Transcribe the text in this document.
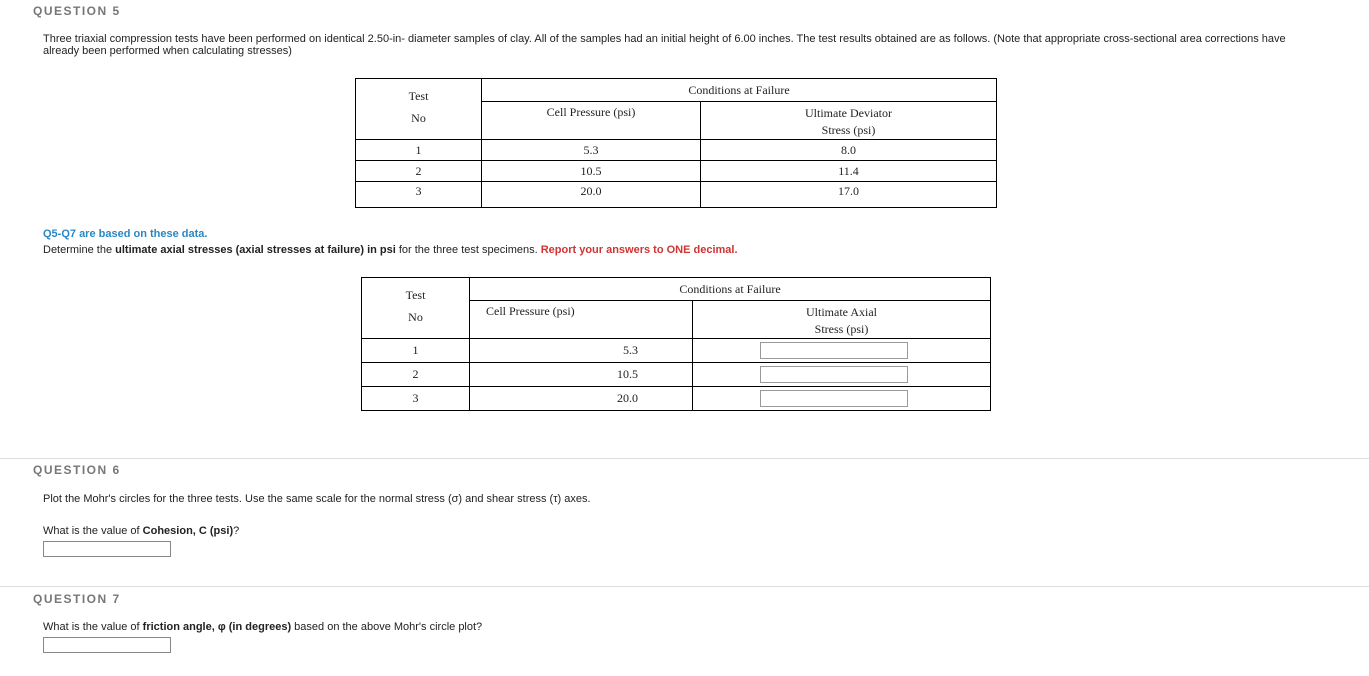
QUESTION 5
Three triaxial compression tests have been performed on identical 2.50-in- diameter samples of clay. All of the samples had an initial height of 6.00 inches. The test results obtained are as follows. (Note that appropriate cross-sectional area corrections have already been performed when calculating stresses)
Test
No	Conditions at Failure	
	Cell Pressure (psi)	Ultimate Deviator
Stress (psi)
1	5.3	8.0
2	10.5	11.4
3	20.0	17.0
Q5-Q7 are based on these data.
Determine the ultimate axial stresses (axial stresses at failure) in psi for the three test specimens. Report your answers to ONE decimal.
Test
No	Conditions at Failure	
	Cell Pressure (psi)	Ultimate Axial
Stress (psi)
1	5.3	
2	10.5	
3	20.0	
QUESTION 6
Plot the Mohr's circles for the three tests. Use the same scale for the normal stress (σ) and shear stress (τ) axes.
What is the value of Cohesion, C (psi)?
QUESTION 7
What is the value of friction angle, φ (in degrees) based on the above Mohr's circle plot?
